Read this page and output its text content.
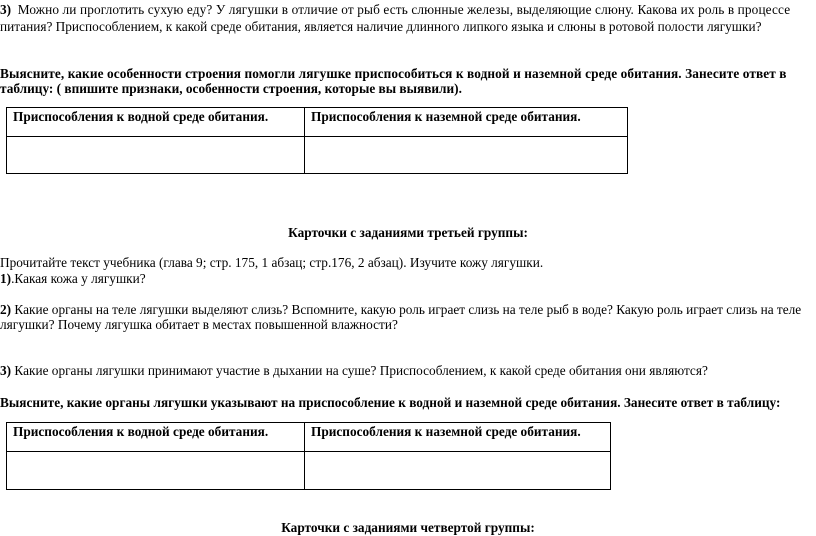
3) Можно ли проглотить сухую еду? У лягушки в отличие от рыб есть слюнные железы, выделяющие слюну. Какова их роль в процессе
питания? Приспособлением, к какой среде обитания, является наличие длинного липкого языка и слюны в ротовой полости лягушки?
Выясните, какие особенности строения помогли лягушке приспособиться к водной и наземной среде обитания. Занесите ответ в
таблицу: ( впишите признаки, особенности строения, которые вы выявили).
Приспособления к водной среде обитания.	Приспособления к наземной среде обитания.

Карточки с заданиями третьей группы:
Прочитайте текст учебника (глава 9; стр. 175, 1 абзац; стр.176, 2 абзац). Изучите кожу лягушки.
1).Какая кожа у лягушки?
2) Какие органы на теле лягушки выделяют слизь? Вспомните, какую роль играет слизь на теле рыб в воде? Какую роль играет слизь на теле
лягушки? Почему лягушка обитает в местах повышенной влажности?
3) Какие органы лягушки принимают участие в дыхании на суше? Приспособлением, к какой среде обитания они являются?
Выясните, какие органы лягушки указывают на приспособление к водной и наземной среде обитания. Занесите ответ в таблицу:
Приспособления к водной среде обитания.	Приспособления к наземной среде обитания.

Карточки с заданиями четвертой группы:
